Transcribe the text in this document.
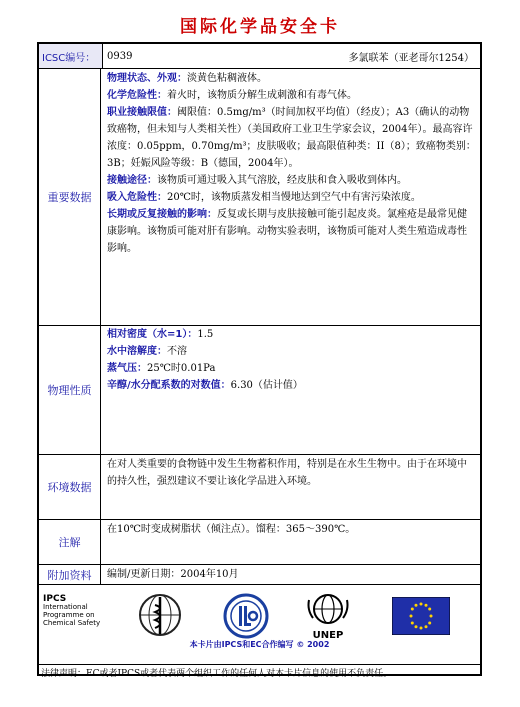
国际化学品安全卡
ICSC编号：	0939	多氯联苯（亚老哥尔1254）
重要数据
物理状态、外观：淡黄色粘稠液体。
化学危险性：着火时，该物质分解生成刺激和有毒气体。
职业接触限值：阈限值：0.5mg/m³（时间加权平均值）（经皮）；A3（确认的动物致癌物，但未知与人类相关性）（美国政府工业卫生学家会议，2004年）。最高容许浓度：0.05ppm，0.70mg/m³；皮肤吸收；最高限值种类：II（8）；致癌物类别：3B；妊娠风险等级：B（德国，2004年）。
接触途径：该物质可通过吸入其气溶胶，经皮肤和食入吸收到体内。
吸入危险性：20℃时，该物质蒸发相当慢地达到空气中有害污染浓度。
长期或反复接触的影响：反复或长期与皮肤接触可能引起皮炎。氯痤疮是最常见健康影响。该物质可能对肝有影响。动物实验表明，该物质可能对人类生殖造成毒性影响。
物理性质
相对密度（水=1）：1.5
水中溶解度：不溶
蒸气压：25℃时0.01Pa
辛醇/水分配系数的对数值：6.30（估计值）
环境数据
在对人类重要的食物链中发生生物蓄积作用，特别是在水生生物中。由于在环境中的持久性，强烈建议不要让该化学品进入环境。
注解
在10℃时变成树脂状（倾注点）。馏程：365～390℃。
附加资料	编制/更新日期：2004年10月
IPCS
International
Programme on
Chemical Safety
UNEP
本卡片由IPCS和EC合作编写 © 2002
法律声明：EC或者IPCS或者代表两个组织工作的任何人对本卡片信息的使用不负责任。
